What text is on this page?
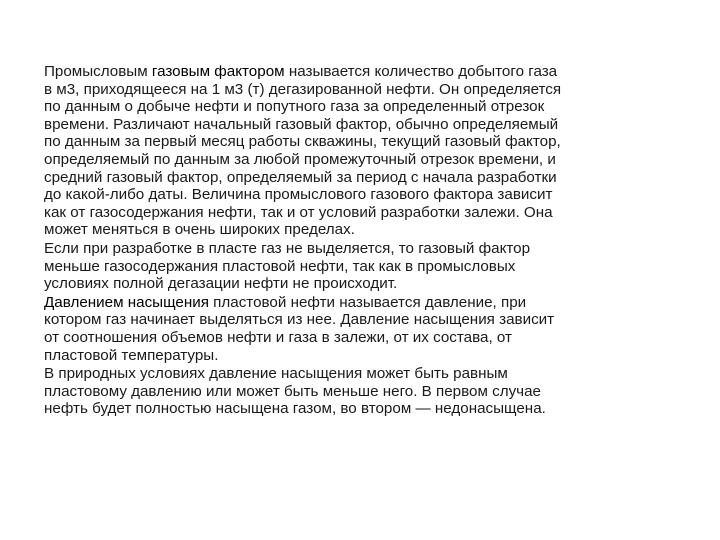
Промысловым газовым фактором называется количество добытого газа
в м3, приходящееся на 1 м3 (т) дегазированной нефти. Он определяется
по данным о добыче нефти и попутного газа за определенный отрезок
времени. Различают начальный газовый фактор, обычно определяемый
по данным за первый месяц работы скважины, текущий газовый фактор,
определяемый по данным за любой промежуточный отрезок времени, и
средний газовый фактор, определяемый за период с начала разработки
до какой-либо даты. Величина промыслового газового фактора зависит
как от газосодержания нефти, так и от условий разработки залежи. Она
может меняться в очень широких пределах.

Если при разработке в пласте газ не выделяется, то газовый фактор
меньше газосодержания пластовой нефти, так как в промысловых
условиях полной дегазации нефти не происходит.

Давлением насыщения пластовой нефти называется давление, при
котором газ начинает выделяться из нее. Давление насыщения зависит
от соотношения объемов нефти и газа в залежи, от их состава, от
пластовой температуры.

В природных условиях давление насыщения может быть равным
пластовому давлению или может быть меньше него. В первом случае
нефть будет полностью насыщена газом, во втором — недонасыщена.
